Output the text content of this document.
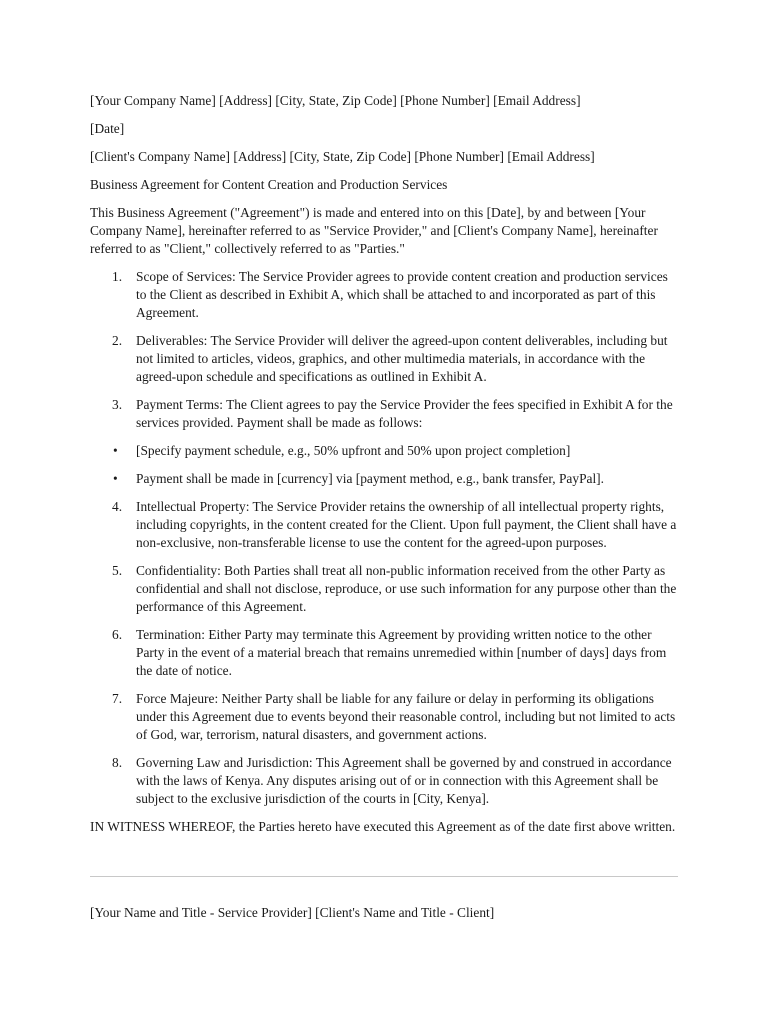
[Your Company Name] [Address] [City, State, Zip Code] [Phone Number] [Email Address]

[Date]

[Client's Company Name] [Address] [City, State, Zip Code] [Phone Number] [Email Address]

Business Agreement for Content Creation and Production Services

This Business Agreement ("Agreement") is made and entered into on this [Date], by and between [Your Company Name], hereinafter referred to as "Service Provider," and [Client's Company Name], hereinafter referred to as "Client," collectively referred to as "Parties."

1. Scope of Services: The Service Provider agrees to provide content creation and production services to the Client as described in Exhibit A, which shall be attached to and incorporated as part of this Agreement.
2. Deliverables: The Service Provider will deliver the agreed-upon content deliverables, including but not limited to articles, videos, graphics, and other multimedia materials, in accordance with the agreed-upon schedule and specifications as outlined in Exhibit A.
3. Payment Terms: The Client agrees to pay the Service Provider the fees specified in Exhibit A for the services provided. Payment shall be made as follows:
• [Specify payment schedule, e.g., 50% upfront and 50% upon project completion]
• Payment shall be made in [currency] via [payment method, e.g., bank transfer, PayPal].
4. Intellectual Property: The Service Provider retains the ownership of all intellectual property rights, including copyrights, in the content created for the Client. Upon full payment, the Client shall have a non-exclusive, non-transferable license to use the content for the agreed-upon purposes.
5. Confidentiality: Both Parties shall treat all non-public information received from the other Party as confidential and shall not disclose, reproduce, or use such information for any purpose other than the performance of this Agreement.
6. Termination: Either Party may terminate this Agreement by providing written notice to the other Party in the event of a material breach that remains unremedied within [number of days] days from the date of notice.
7. Force Majeure: Neither Party shall be liable for any failure or delay in performing its obligations under this Agreement due to events beyond their reasonable control, including but not limited to acts of God, war, terrorism, natural disasters, and government actions.
8. Governing Law and Jurisdiction: This Agreement shall be governed by and construed in accordance with the laws of Kenya. Any disputes arising out of or in connection with this Agreement shall be subject to the exclusive jurisdiction of the courts in [City, Kenya].

IN WITNESS WHEREOF, the Parties hereto have executed this Agreement as of the date first above written.

[Your Name and Title - Service Provider] [Client's Name and Title - Client]
